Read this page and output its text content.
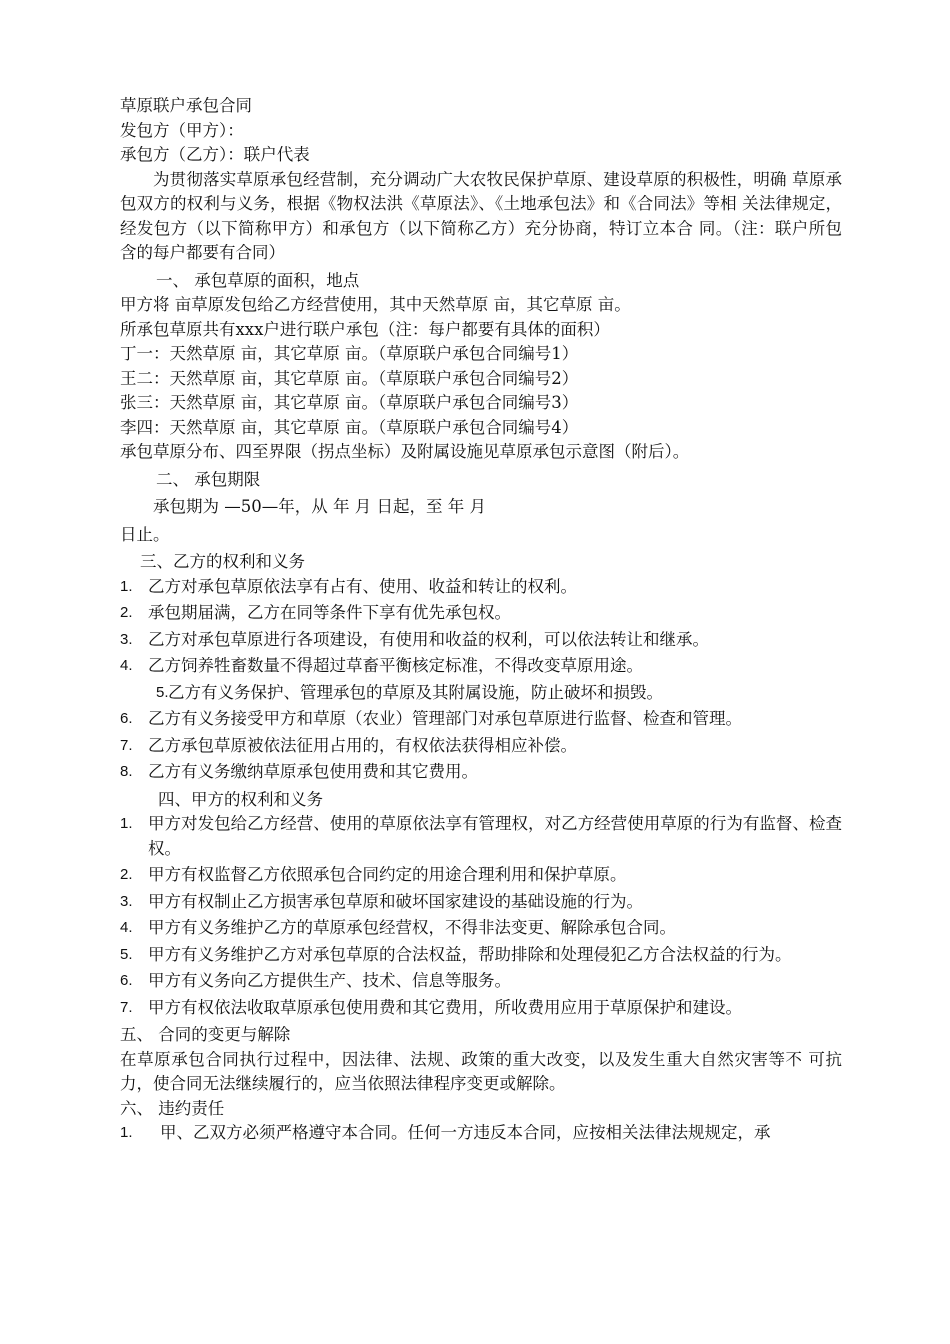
草原联户承包合同
发包方（甲方）：
承包方（乙方）：联户代表

为贯彻落实草原承包经营制，充分调动广大农牧民保护草原、建设草原的积极性，明确 草原承包双方的权利与义务，根据《物权法洪《草原法》、《土地承包法》和《合同法》等相 关法律规定，经发包方（以下简称甲方）和承包方（以下简称乙方）充分协商，特订立本合 同。（注：联户所包含的每户都要有合同）

一、 承包草原的面积，地点
甲方将 亩草原发包给乙方经营使用，其中天然草原 亩，其它草原 亩。
所承包草原共有xxx户进行联户承包（注：每户都要有具体的面积）
丁一：天然草原 亩，其它草原 亩。（草原联户承包合同编号1）
王二：天然草原 亩，其它草原 亩。（草原联户承包合同编号2）
张三：天然草原 亩，其它草原 亩。（草原联户承包合同编号3）
李四：天然草原 亩，其它草原 亩。（草原联户承包合同编号4）
承包草原分布、四至界限（拐点坐标）及附属设施见草原承包示意图（附后）。
二、 承包期限
承包期为 —50—年，从 年 月 日起，至 年 月
日止。
三、乙方的权利和义务
1. 乙方对承包草原依法享有占有、使用、收益和转让的权利。
2. 承包期届满，乙方在同等条件下享有优先承包权。
3. 乙方对承包草原进行各项建设，有使用和收益的权利，可以依法转让和继承。
4. 乙方饲养牲畜数量不得超过草畜平衡核定标准，不得改变草原用途。
5. 乙方有义务保护、管理承包的草原及其附属设施，防止破坏和损毁。
6. 乙方有义务接受甲方和草原（农业）管理部门对承包草原进行监督、检查和管理。
7. 乙方承包草原被依法征用占用的，有权依法获得相应补偿。
8. 乙方有义务缴纳草原承包使用费和其它费用。
四、甲方的权利和义务
1. 甲方对发包给乙方经营、使用的草原依法享有管理权，对乙方经营使用草原的行为有监督、检查权。
2. 甲方有权监督乙方依照承包合同约定的用途合理利用和保护草原。
3. 甲方有权制止乙方损害承包草原和破坏国家建设的基础设施的行为。
4. 甲方有义务维护乙方的草原承包经营权，不得非法变更、解除承包合同。
5. 甲方有义务维护乙方对承包草原的合法权益，帮助排除和处理侵犯乙方合法权益的行为。
6. 甲方有义务向乙方提供生产、技术、信息等服务。
7. 甲方有权依法收取草原承包使用费和其它费用，所收费用应用于草原保护和建设。
五、 合同的变更与解除

在草原承包合同执行过程中，因法律、法规、政策的重大改变，以及发生重大自然灾害等不 可抗力，使合同无法继续履行的，应当依照法律程序变更或解除。

六、 违约责任
1. 甲、乙双方必须严格遵守本合同。任何一方违反本合同，应按相关法律法规规定，承
